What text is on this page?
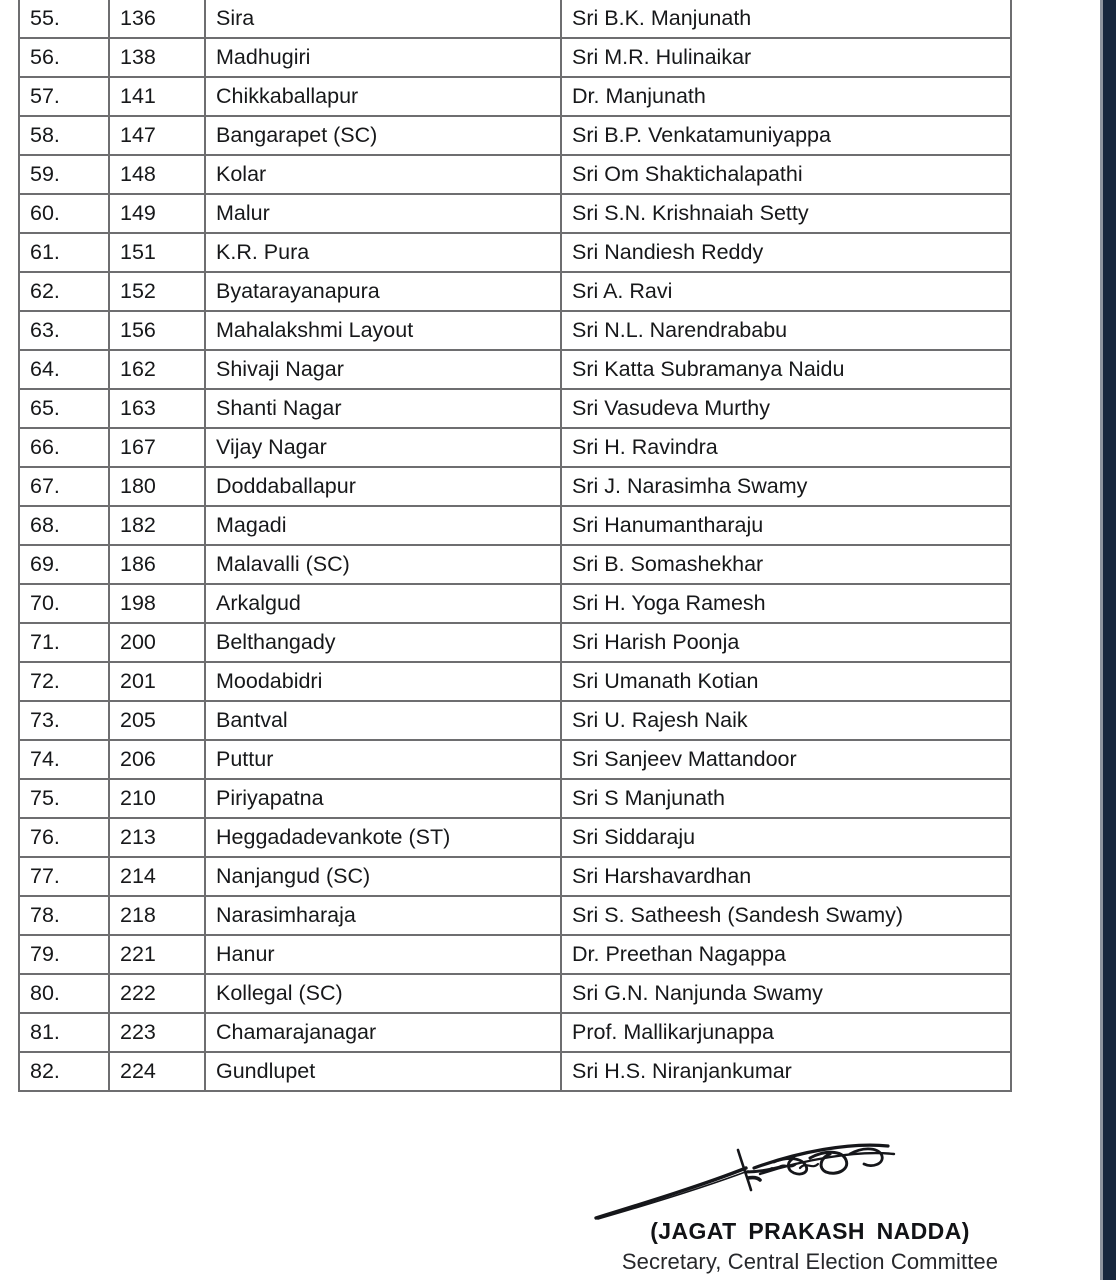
55.	136	Sira	Sri B.K. Manjunath
56.	138	Madhugiri	Sri M.R. Hulinaikar
57.	141	Chikkaballapur	Dr. Manjunath
58.	147	Bangarapet (SC)	Sri B.P. Venkatamuniyappa
59.	148	Kolar	Sri Om Shaktichalapathi
60.	149	Malur	Sri S.N. Krishnaiah Setty
61.	151	K.R. Pura	Sri Nandiesh Reddy
62.	152	Byatarayanapura	Sri A. Ravi
63.	156	Mahalakshmi Layout	Sri N.L. Narendrababu
64.	162	Shivaji Nagar	Sri Katta Subramanya Naidu
65.	163	Shanti Nagar	Sri Vasudeva Murthy
66.	167	Vijay Nagar	Sri H. Ravindra
67.	180	Doddaballapur	Sri J. Narasimha Swamy
68.	182	Magadi	Sri Hanumantharaju
69.	186	Malavalli (SC)	Sri B. Somashekhar
70.	198	Arkalgud	Sri H. Yoga Ramesh
71.	200	Belthangady	Sri Harish Poonja
72.	201	Moodabidri	Sri Umanath Kotian
73.	205	Bantval	Sri U. Rajesh Naik
74.	206	Puttur	Sri Sanjeev Mattandoor
75.	210	Piriyapatna	Sri S Manjunath
76.	213	Heggadadevankote (ST)	Sri Siddaraju
77.	214	Nanjangud (SC)	Sri Harshavardhan
78.	218	Narasimharaja	Sri S. Satheesh (Sandesh Swamy)
79.	221	Hanur	Dr. Preethan Nagappa
80.	222	Kollegal (SC)	Sri G.N. Nanjunda Swamy
81.	223	Chamarajanagar	Prof. Mallikarjunappa
82.	224	Gundlupet	Sri H.S. Niranjankumar
(JAGAT PRAKASH NADDA)
Secretary, Central Election Committee
